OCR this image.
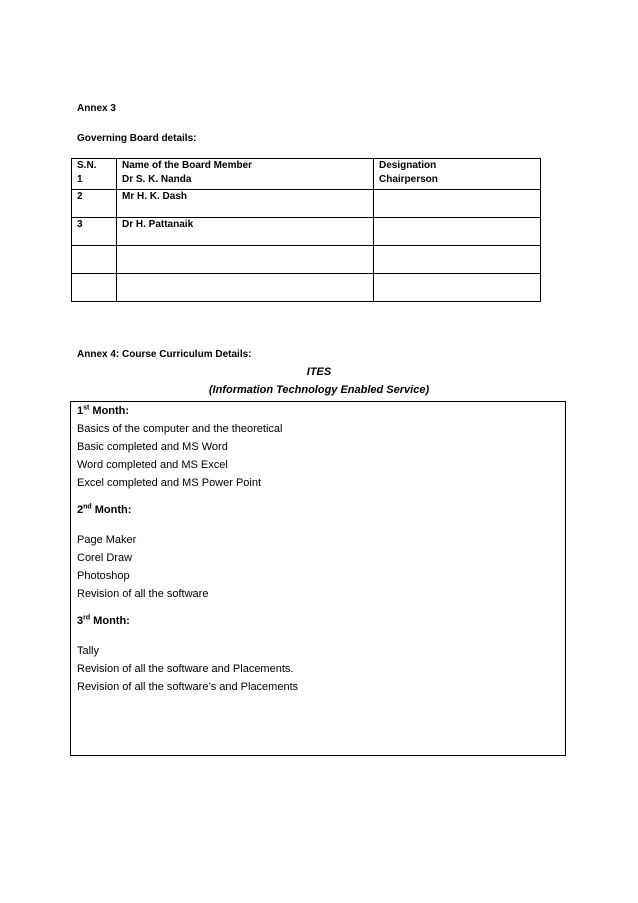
Annex 3
Governing Board details:
S.N.	Name of the Board Member	Designation
1	Dr S. K. Nanda	Chairperson
2	Mr H. K. Dash	
3	Dr H. Pattanaik	

Annex 4: Course Curriculum Details:
ITES
(Information Technology Enabled Service)
1st Month:
Basics of the computer and the theoretical
Basic completed and MS Word
Word completed and MS Excel
Excel completed and MS Power Point
2nd Month:
Page Maker
Corel Draw
Photoshop
Revision of all the software
3rd Month:
Tally
Revision of all the software and Placements.
Revision of all the software’s and Placements
